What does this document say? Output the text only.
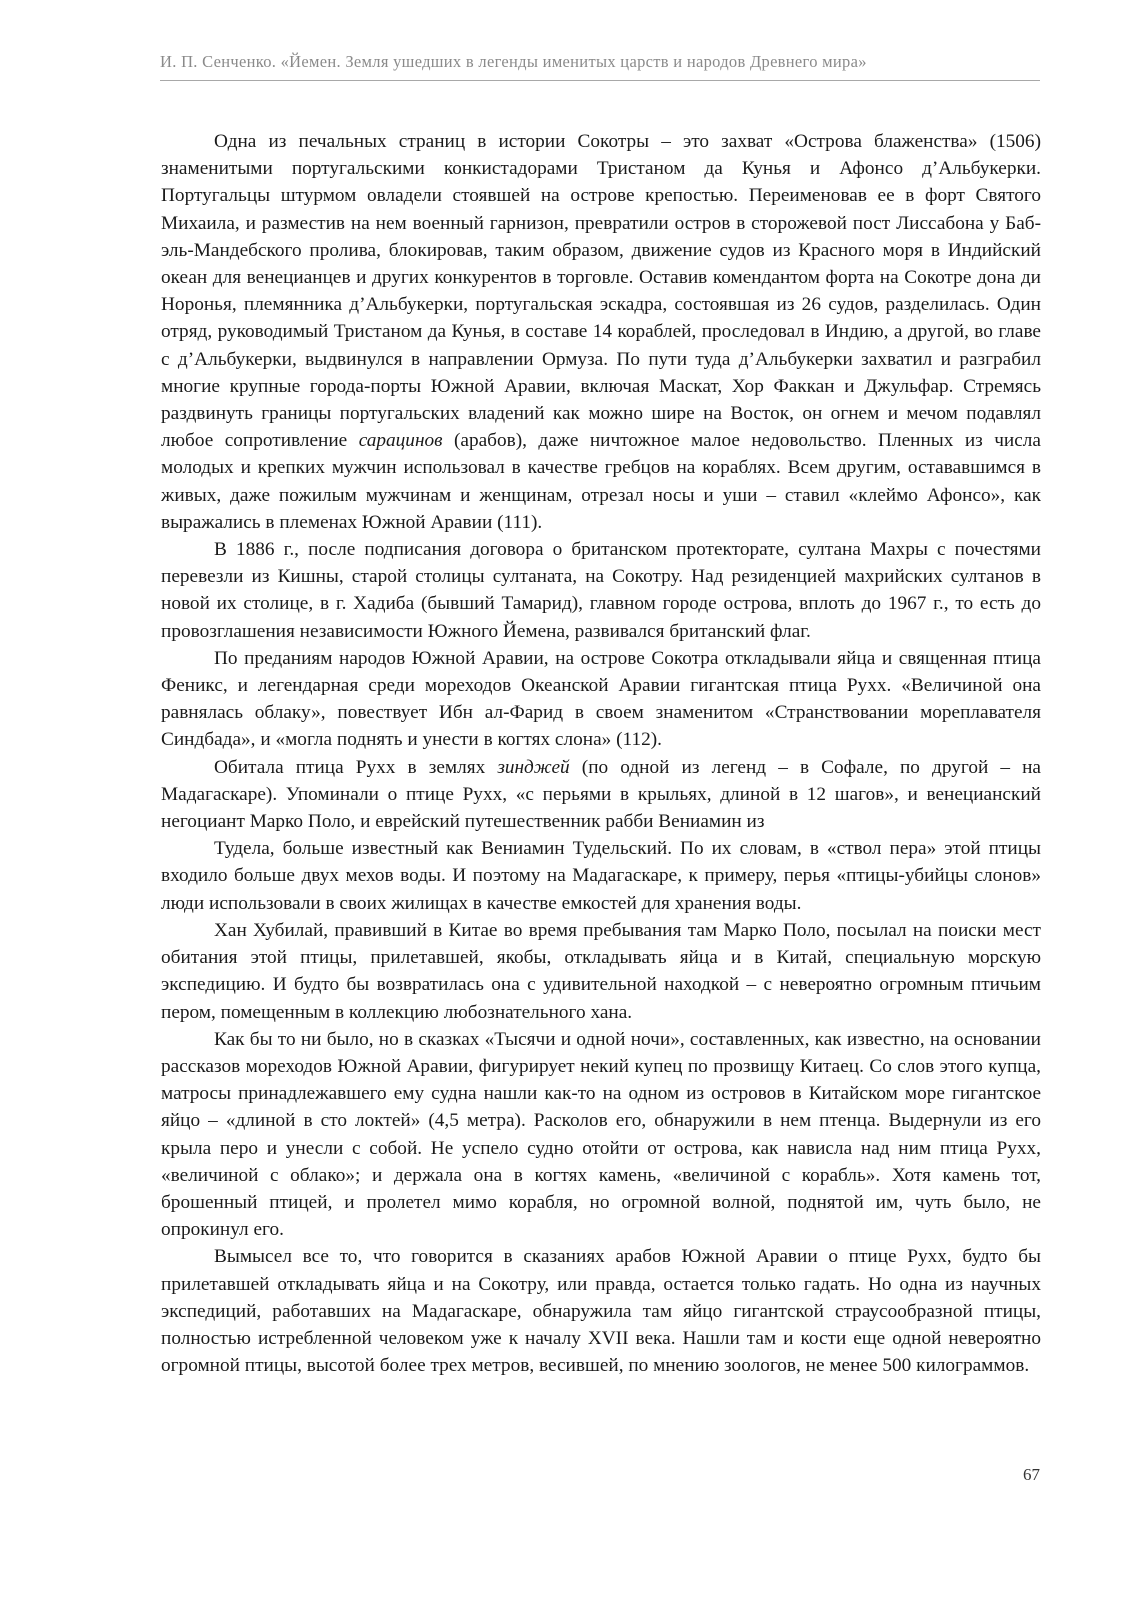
И. П. Сенченко. «Йемен. Земля ушедших в легенды именитых царств и народов Древнего мира»

Одна из печальных страниц в истории Сокотры – это захват «Острова блаженства» (1506) знаменитыми португальскими конкистадорами Тристаном да Кунья и Афонсо д’Альбукерки. Португальцы штурмом овладели стоявшей на острове крепостью. Переименовав ее в форт Святого Михаила, и разместив на нем военный гарнизон, превратили остров в сторожевой пост Лиссабона у Баб-эль-Мандебского пролива, блокировав, таким образом, движение судов из Красного моря в Индийский океан для венецианцев и других конкурентов в торговле. Оставив комендантом форта на Сокотре дона ди Норонья, племянника д’Альбукерки, португальская эскадра, состоявшая из 26 судов, разделилась. Один отряд, руководимый Тристаном да Кунья, в составе 14 кораблей, проследовал в Индию, а другой, во главе с д’Альбукерки, выдвинулся в направлении Ормуза. По пути туда д’Альбукерки захватил и разграбил многие крупные города-порты Южной Аравии, включая Маскат, Хор Факкан и Джульфар. Стремясь раздвинуть границы португальских владений как можно шире на Восток, он огнем и мечом подавлял любое сопротивление сарацинов (арабов), даже ничтожное малое недовольство. Пленных из числа молодых и крепких мужчин использовал в качестве гребцов на кораблях. Всем другим, остававшимся в живых, даже пожилым мужчинам и женщинам, отрезал носы и уши – ставил «клеймо Афонсо», как выражались в племенах Южной Аравии (111).

В 1886 г., после подписания договора о британском протекторате, султана Махры с почестями перевезли из Кишны, старой столицы султаната, на Сокотру. Над резиденцией махрийских султанов в новой их столице, в г. Хадиба (бывший Тамарид), главном городе острова, вплоть до 1967 г., то есть до провозглашения независимости Южного Йемена, развивался британский флаг.

По преданиям народов Южной Аравии, на острове Сокотра откладывали яйца и священная птица Феникс, и легендарная среди мореходов Океанской Аравии гигантская птица Рухх. «Величиной она равнялась облаку», повествует Ибн ал-Фарид в своем знаменитом «Странствовании мореплавателя Синдбада», и «могла поднять и унести в когтях слона» (112).

Обитала птица Рухх в землях зинджей (по одной из легенд – в Софале, по другой – на Мадагаскаре). Упоминали о птице Рухх, «с перьями в крыльях, длиной в 12 шагов», и венецианский негоциант Марко Поло, и еврейский путешественник рабби Вениамин из

Тудела, больше известный как Вениамин Тудельский. По их словам, в «ствол пера» этой птицы входило больше двух мехов воды. И поэтому на Мадагаскаре, к примеру, перья «птицы-убийцы слонов» люди использовали в своих жилищах в качестве емкостей для хранения воды.

Хан Хубилай, правивший в Китае во время пребывания там Марко Поло, посылал на поиски мест обитания этой птицы, прилетавшей, якобы, откладывать яйца и в Китай, специальную морскую экспедицию. И будто бы возвратилась она с удивительной находкой – с невероятно огромным птичьим пером, помещенным в коллекцию любознательного хана.

Как бы то ни было, но в сказках «Тысячи и одной ночи», составленных, как известно, на основании рассказов мореходов Южной Аравии, фигурирует некий купец по прозвищу Китаец. Со слов этого купца, матросы принадлежавшего ему судна нашли как-то на одном из островов в Китайском море гигантское яйцо – «длиной в сто локтей» (4,5 метра). Расколов его, обнаружили в нем птенца. Выдернули из его крыла перо и унесли с собой. Не успело судно отойти от острова, как нависла над ним птица Рухх, «величиной с облако»; и держала она в когтях камень, «величиной с корабль». Хотя камень тот, брошенный птицей, и пролетел мимо корабля, но огромной волной, поднятой им, чуть было, не опрокинул его.

Вымысел все то, что говорится в сказаниях арабов Южной Аравии о птице Рухх, будто бы прилетавшей откладывать яйца и на Сокотру, или правда, остается только гадать. Но одна из научных экспедиций, работавших на Мадагаскаре, обнаружила там яйцо гигантской страусообразной птицы, полностью истребленной человеком уже к началу XVII века. Нашли там и кости еще одной невероятно огромной птицы, высотой более трех метров, весившей, по мнению зоологов, не менее 500 килограммов.

67
